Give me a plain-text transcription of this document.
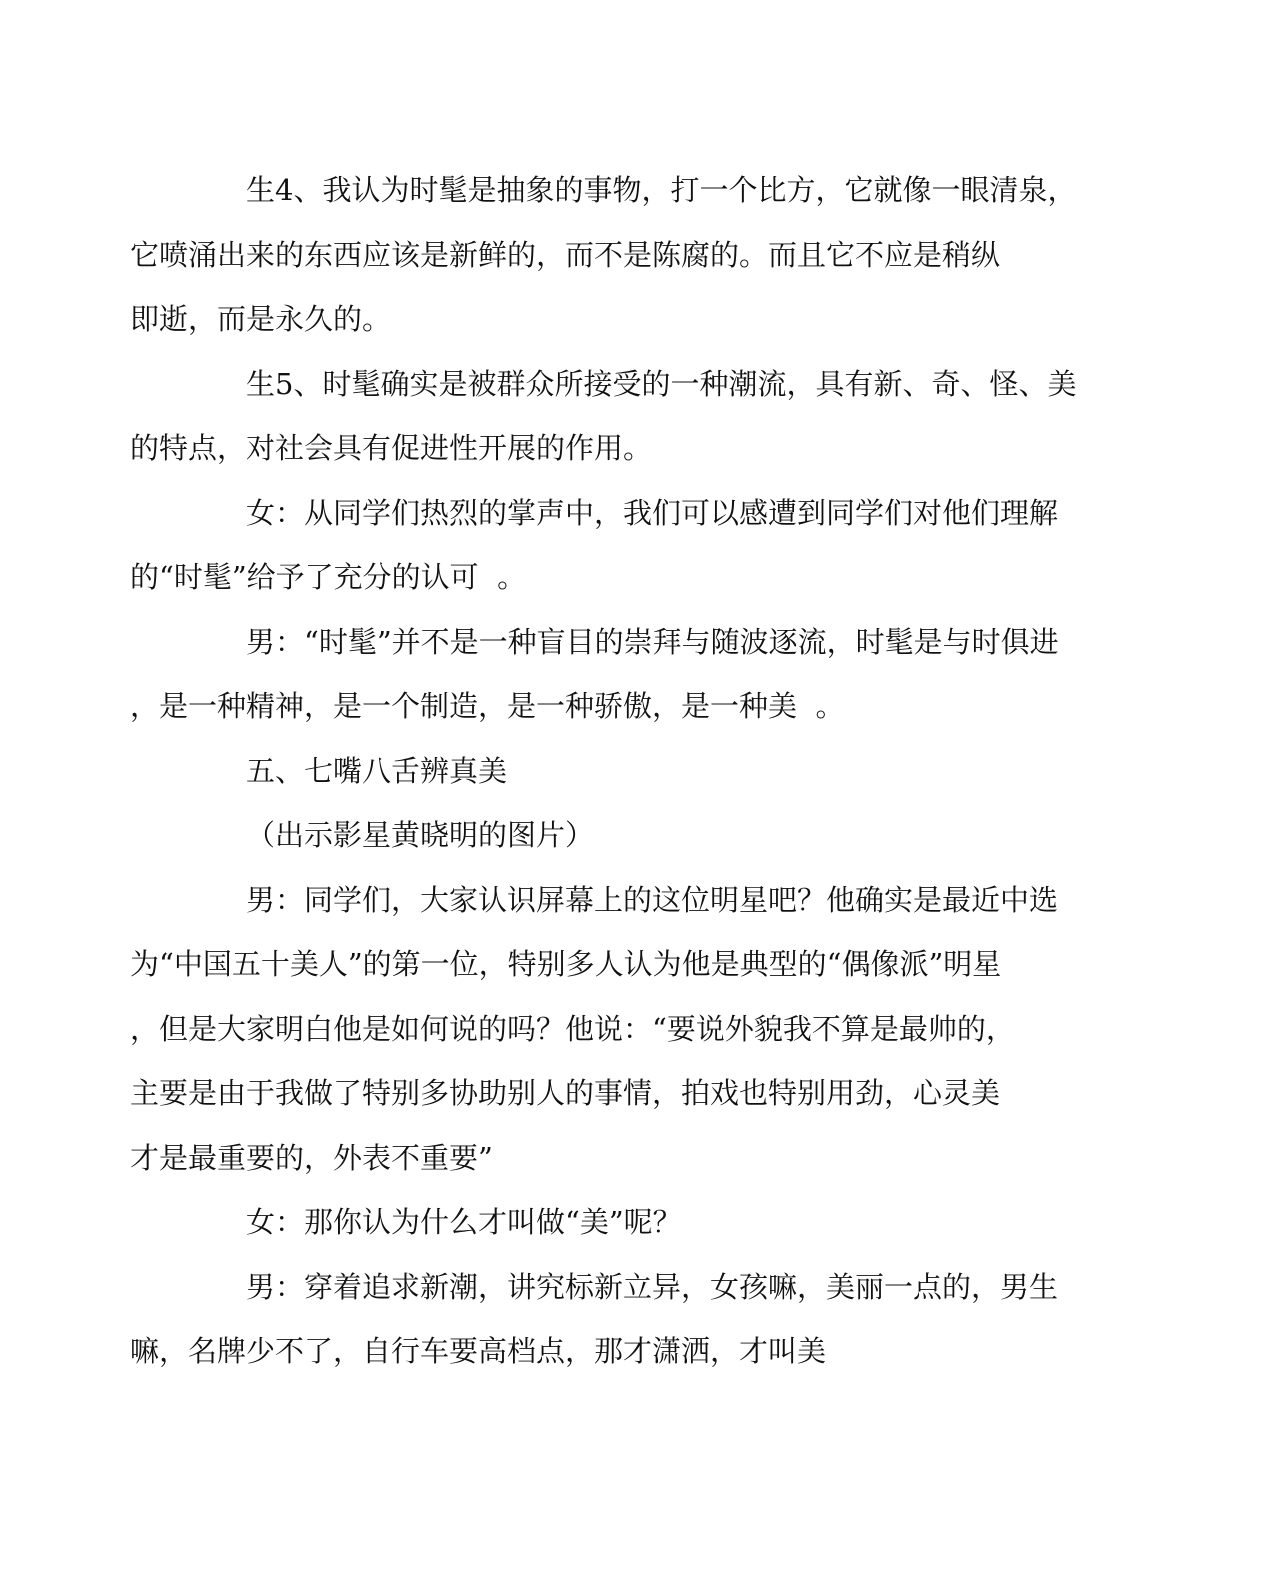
生4、我认为时髦是抽象的事物，打一个比方，它就像一眼清泉，
它喷涌出来的东西应该是新鲜的，而不是陈腐的。而且它不应是稍纵
即逝，而是永久的。

生5、时髦确实是被群众所接受的一种潮流，具有新、奇、怪、美
的特点，对社会具有促进性开展的作用。

女：从同学们热烈的掌声中，我们可以感遭到同学们对他们理解
的“时髦”给予了充分的认可  。

男：“时髦”并不是一种盲目的崇拜与随波逐流，时髦是与时俱进
，是一种精神，是一个制造，是一种骄傲，是一种美  。

五、七嘴八舌辨真美

（出示影星黄晓明的图片）

男：同学们，大家认识屏幕上的这位明星吧？他确实是最近中选
为“中国五十美人”的第一位，特别多人认为他是典型的“偶像派”明星
，但是大家明白他是如何说的吗？他说：“要说外貌我不算是最帅的，
主要是由于我做了特别多协助别人的事情，拍戏也特别用劲，心灵美
才是最重要的，外表不重要”

女：那你认为什么才叫做“美”呢？

男：穿着追求新潮，讲究标新立异，女孩嘛，美丽一点的，男生
嘛，名牌少不了，自行车要高档点，那才潇洒，才叫美
